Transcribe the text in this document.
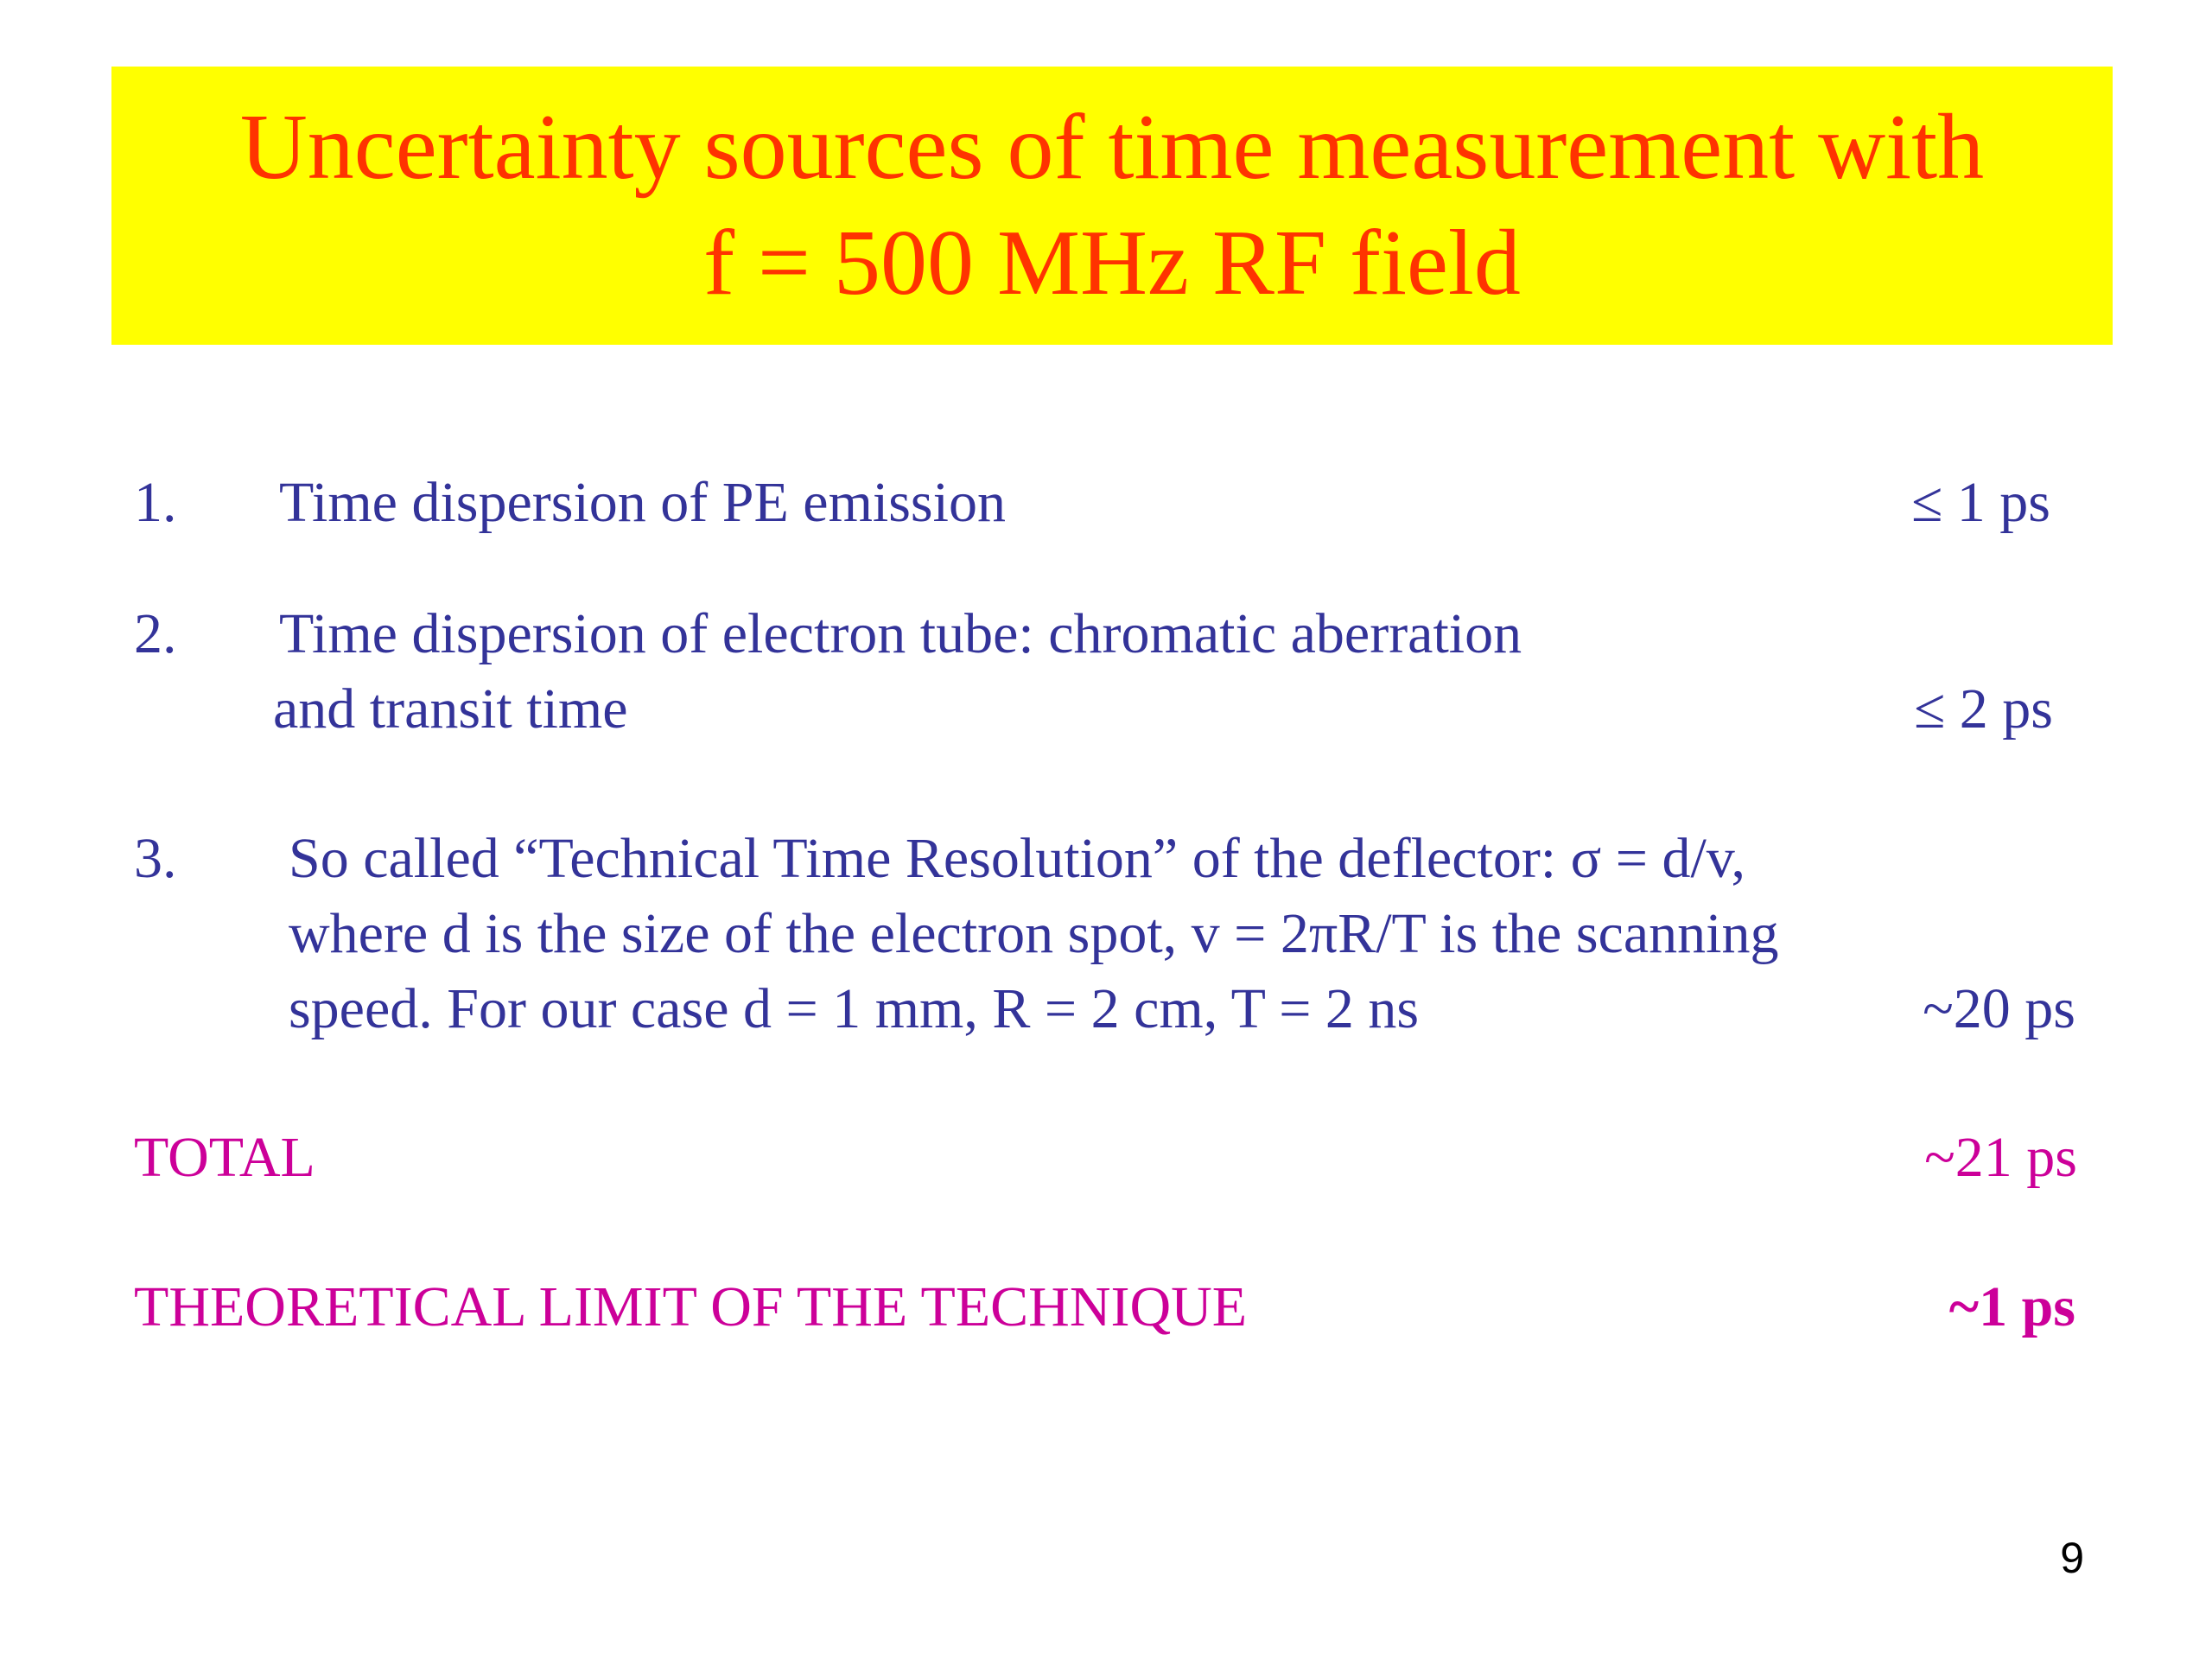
Uncertainty sources of time measurement with
f = 500 MHz RF field
1. Time dispersion of PE emission	≤ 1 ps
2. Time dispersion of electron tube: chromatic aberration
and transit time	≤ 2 ps
3. So called “Technical Time Resolution” of the deflector: σ = d/v,
where d is the size of the electron spot, v = 2πR/T is the scanning
speed. For our case d = 1 mm, R = 2 cm, T = 2 ns	~20 ps
TOTAL	~21 ps
THEORETICAL LIMIT OF THE TECHNIQUE	~1 ps
9
